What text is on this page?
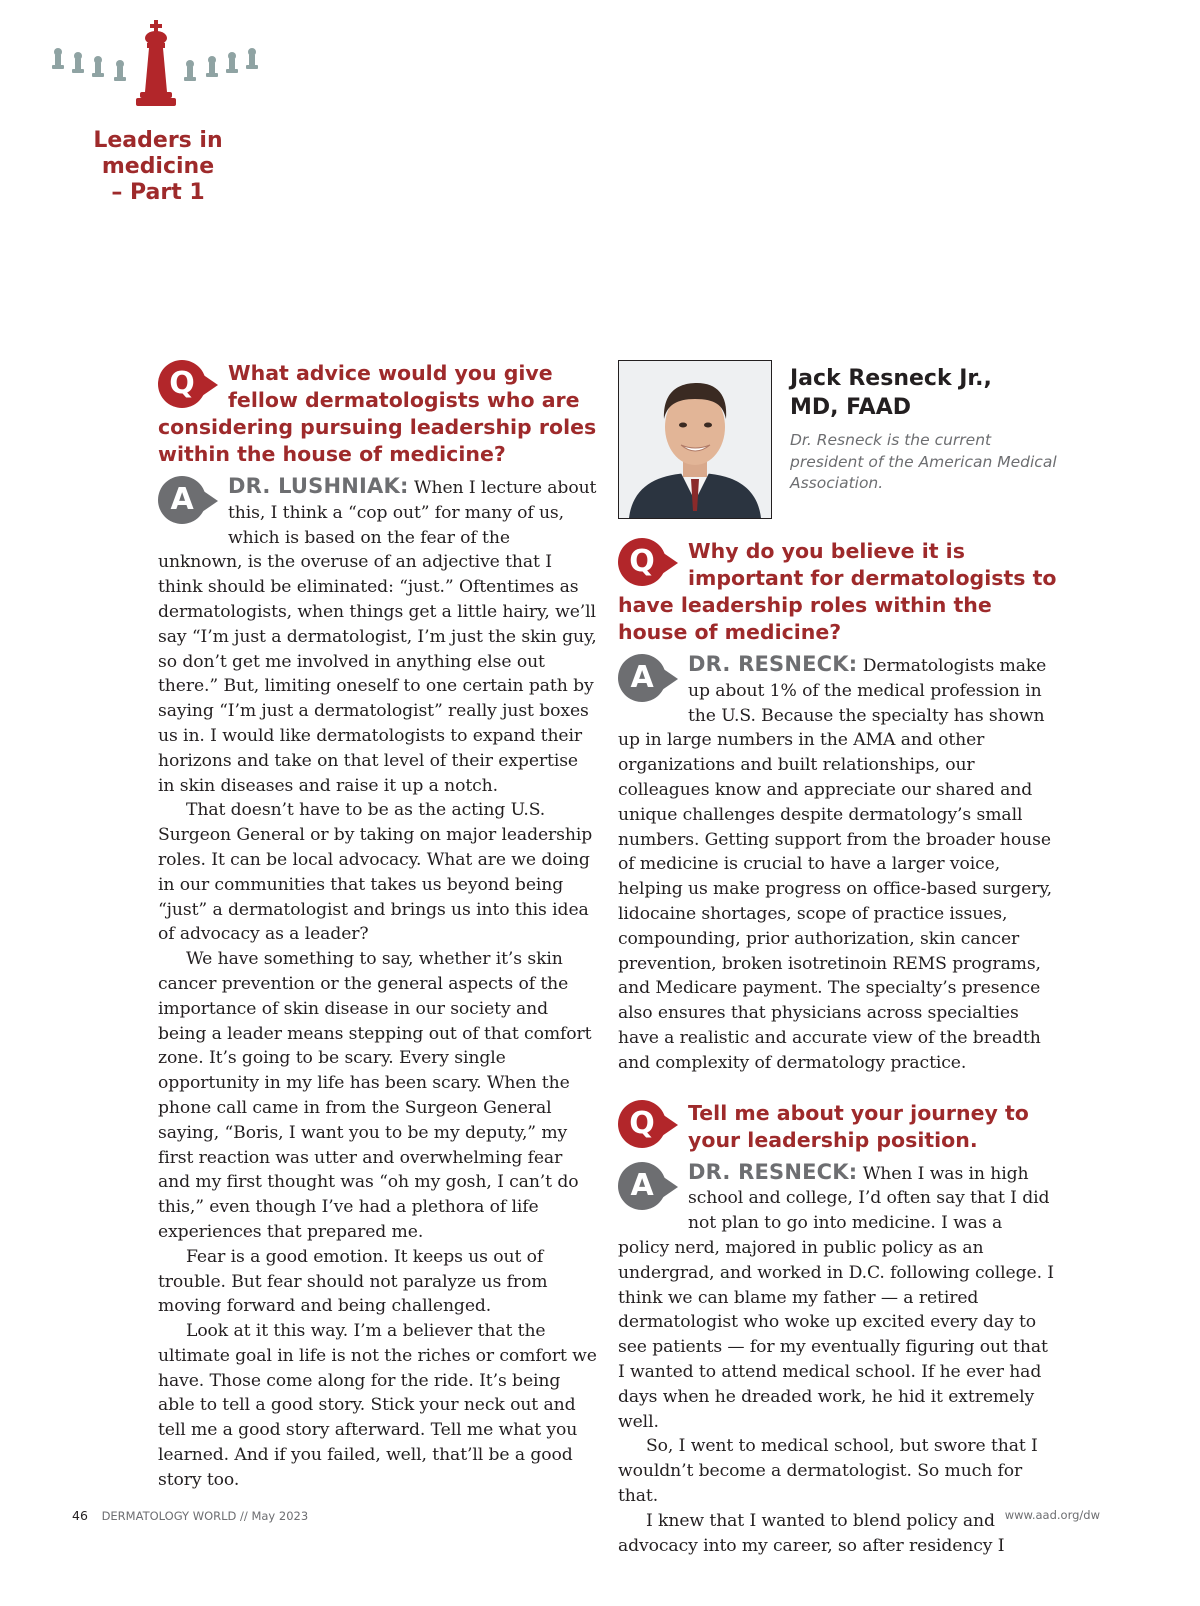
Leaders in medicine
– Part 1
Q	What advice would you give fellow dermatologists who are considering pursuing leadership roles within the house of medicine?
A	DR. LUSHNIAK: When I lecture about this, I think a “cop out” for many of us, which is based on the fear of the unknown, is the overuse of an adjective that I think should be eliminated: “just.” Oftentimes as dermatologists, when things get a little hairy, we’ll say “I’m just a dermatologist, I’m just the skin guy, so don’t get me involved in anything else out there.” But, limiting oneself to one certain path by saying “I’m just a dermatologist” really just boxes us in. I would like dermatologists to expand their horizons and take on that level of their expertise in skin diseases and raise it up a notch.

That doesn’t have to be as the acting U.S. Surgeon General or by taking on major leadership roles. It can be local advocacy. What are we doing in our communities that takes us beyond being “just” a dermatologist and brings us into this idea of advocacy as a leader?

We have something to say, whether it’s skin cancer prevention or the general aspects of the importance of skin disease in our society and being a leader means stepping out of that comfort zone. It’s going to be scary. Every single opportunity in my life has been scary. When the phone call came in from the Surgeon General saying, “Boris, I want you to be my deputy,” my first reaction was utter and overwhelming fear and my first thought was “oh my gosh, I can’t do this,” even though I’ve had a plethora of life experiences that prepared me.

Fear is a good emotion. It keeps us out of trouble. But fear should not paralyze us from moving forward and being challenged.

Look at it this way. I’m a believer that the ultimate goal in life is not the riches or comfort we have. Those come along for the ride. It’s being able to tell a good story. Stick your neck out and tell me a good story afterward. Tell me what you learned. And if you failed, well, that’ll be a good story too.

Jack Resneck Jr.,
MD, FAAD

Dr. Resneck is the current president of the American Medical Association.

Q	Why do you believe it is important for dermatologists to have leadership roles within the house of medicine?
A	DR. RESNECK: Dermatologists make up about 1% of the medical profession in the U.S. Because the specialty has shown up in large numbers in the AMA and other organizations and built relationships, our colleagues know and appreciate our shared and unique challenges despite dermatology’s small numbers. Getting support from the broader house of medicine is crucial to have a larger voice, helping us make progress on office-based surgery, lidocaine shortages, scope of practice issues, compounding, prior authorization, skin cancer prevention, broken isotretinoin REMS programs, and Medicare payment. The specialty’s presence also ensures that physicians across specialties have a realistic and accurate view of the breadth and complexity of dermatology practice.

Q	Tell me about your journey to your leadership position.
A	DR. RESNECK: When I was in high school and college, I’d often say that I did not plan to go into medicine. I was a policy nerd, majored in public policy as an undergrad, and worked in D.C. following college. I think we can blame my father — a retired dermatologist who woke up excited every day to see patients — for my eventually figuring out that I wanted to attend medical school. If he ever had days when he dreaded work, he hid it extremely well.

So, I went to medical school, but swore that I wouldn’t become a dermatologist. So much for that.

I knew that I wanted to blend policy and advocacy into my career, so after residency I

46 DERMATOLOGY WORLD // May 2023	www.aad.org/dw
